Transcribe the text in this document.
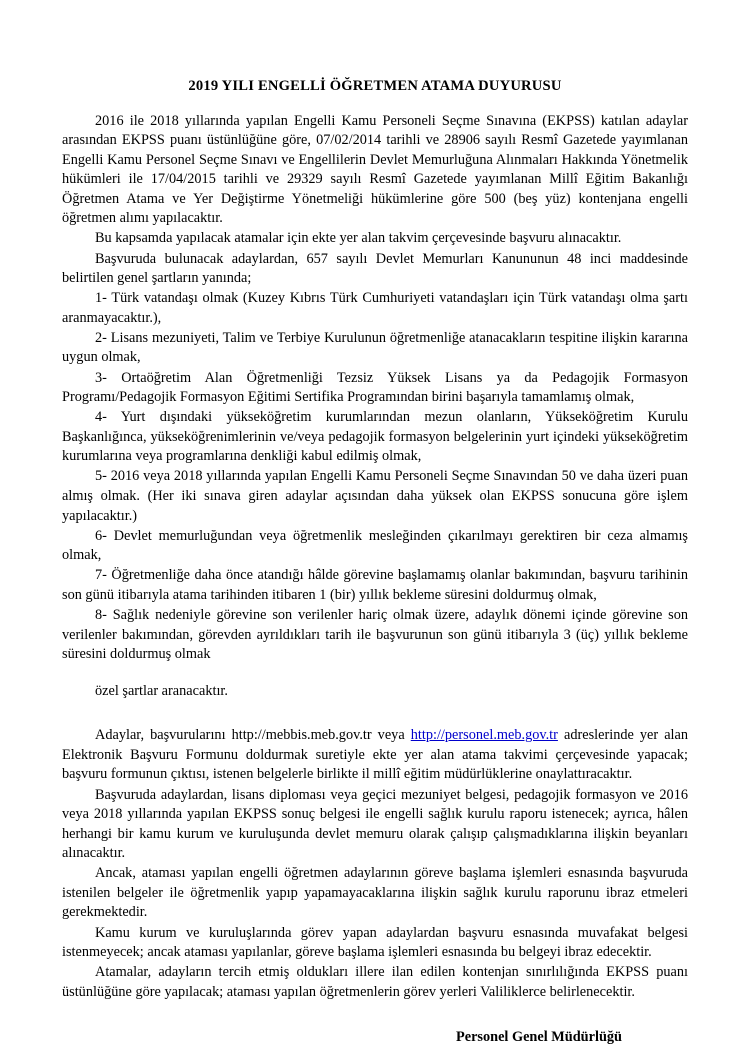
2019 YILI ENGELLİ ÖĞRETMEN ATAMA DUYURUSU

2016 ile 2018 yıllarında yapılan Engelli Kamu Personeli Seçme Sınavına (EKPSS) katılan adaylar arasından EKPSS puanı üstünlüğüne göre, 07/02/2014 tarihli ve 28906 sayılı Resmî Gazetede yayımlanan Engelli Kamu Personel Seçme Sınavı ve Engellilerin Devlet Memurluğuna Alınmaları Hakkında Yönetmelik hükümleri ile 17/04/2015 tarihli ve 29329 sayılı Resmî Gazetede yayımlanan Millî Eğitim Bakanlığı Öğretmen Atama ve Yer Değiştirme Yönetmeliği hükümlerine göre 500 (beş yüz) kontenjana engelli öğretmen alımı yapılacaktır.

Bu kapsamda yapılacak atamalar için ekte yer alan takvim çerçevesinde başvuru alınacaktır.

Başvuruda bulunacak adaylardan, 657 sayılı Devlet Memurları Kanununun 48 inci maddesinde belirtilen genel şartların yanında;

1- Türk vatandaşı olmak (Kuzey Kıbrıs Türk Cumhuriyeti vatandaşları için Türk vatandaşı olma şartı aranmayacaktır.),

2- Lisans mezuniyeti, Talim ve Terbiye Kurulunun öğretmenliğe atanacakların tespitine ilişkin kararına uygun olmak,

3- Ortaöğretim Alan Öğretmenliği Tezsiz Yüksek Lisans ya da Pedagojik Formasyon Programı/Pedagojik Formasyon Eğitimi Sertifika Programından birini başarıyla tamamlamış olmak,

4- Yurt dışındaki yükseköğretim kurumlarından mezun olanların, Yükseköğretim Kurulu Başkanlığınca, yükseköğrenimlerinin ve/veya pedagojik formasyon belgelerinin yurt içindeki yükseköğretim kurumlarına veya programlarına denkliği kabul edilmiş olmak,

5- 2016 veya 2018 yıllarında yapılan Engelli Kamu Personeli Seçme Sınavından 50 ve daha üzeri puan almış olmak. (Her iki sınava giren adaylar açısından daha yüksek olan EKPSS sonucuna göre işlem yapılacaktır.)

6- Devlet memurluğundan veya öğretmenlik mesleğinden çıkarılmayı gerektiren bir ceza almamış olmak,

7- Öğretmenliğe daha önce atandığı hâlde görevine başlamamış olanlar bakımından, başvuru tarihinin son günü itibarıyla atama tarihinden itibaren 1 (bir) yıllık bekleme süresini doldurmuş olmak,

8- Sağlık nedeniyle görevine son verilenler hariç olmak üzere, adaylık dönemi içinde görevine son verilenler bakımından, görevden ayrıldıkları tarih ile başvurunun son günü itibarıyla 3 (üç) yıllık bekleme süresini doldurmuş olmak

özel şartlar aranacaktır.

Adaylar, başvurularını http://mebbis.meb.gov.tr veya http://personel.meb.gov.tr adreslerinde yer alan Elektronik Başvuru Formunu doldurmak suretiyle ekte yer alan atama takvimi çerçevesinde yapacak; başvuru formunun çıktısı, istenen belgelerle birlikte il millî eğitim müdürlüklerine onaylattıracaktır.

Başvuruda adaylardan, lisans diploması veya geçici mezuniyet belgesi, pedagojik formasyon ve 2016 veya 2018 yıllarında yapılan EKPSS sonuç belgesi ile engelli sağlık kurulu raporu istenecek; ayrıca, hâlen herhangi bir kamu kurum ve kuruluşunda devlet memuru olarak çalışıp çalışmadıklarına ilişkin beyanları alınacaktır.

Ancak, ataması yapılan engelli öğretmen adaylarının göreve başlama işlemleri esnasında başvuruda istenilen belgeler ile öğretmenlik yapıp yapamayacaklarına ilişkin sağlık kurulu raporunu ibraz etmeleri gerekmektedir.

Kamu kurum ve kuruluşlarında görev yapan adaylardan başvuru esnasında muvafakat belgesi istenmeyecek; ancak ataması yapılanlar, göreve başlama işlemleri esnasında bu belgeyi ibraz edecektir.

Atamalar, adayların tercih etmiş oldukları illere ilan edilen kontenjan sınırlılığında EKPSS puanı üstünlüğüne göre yapılacak; ataması yapılan öğretmenlerin görev yerleri Valiliklerce belirlenecektir.

Personel Genel Müdürlüğü
